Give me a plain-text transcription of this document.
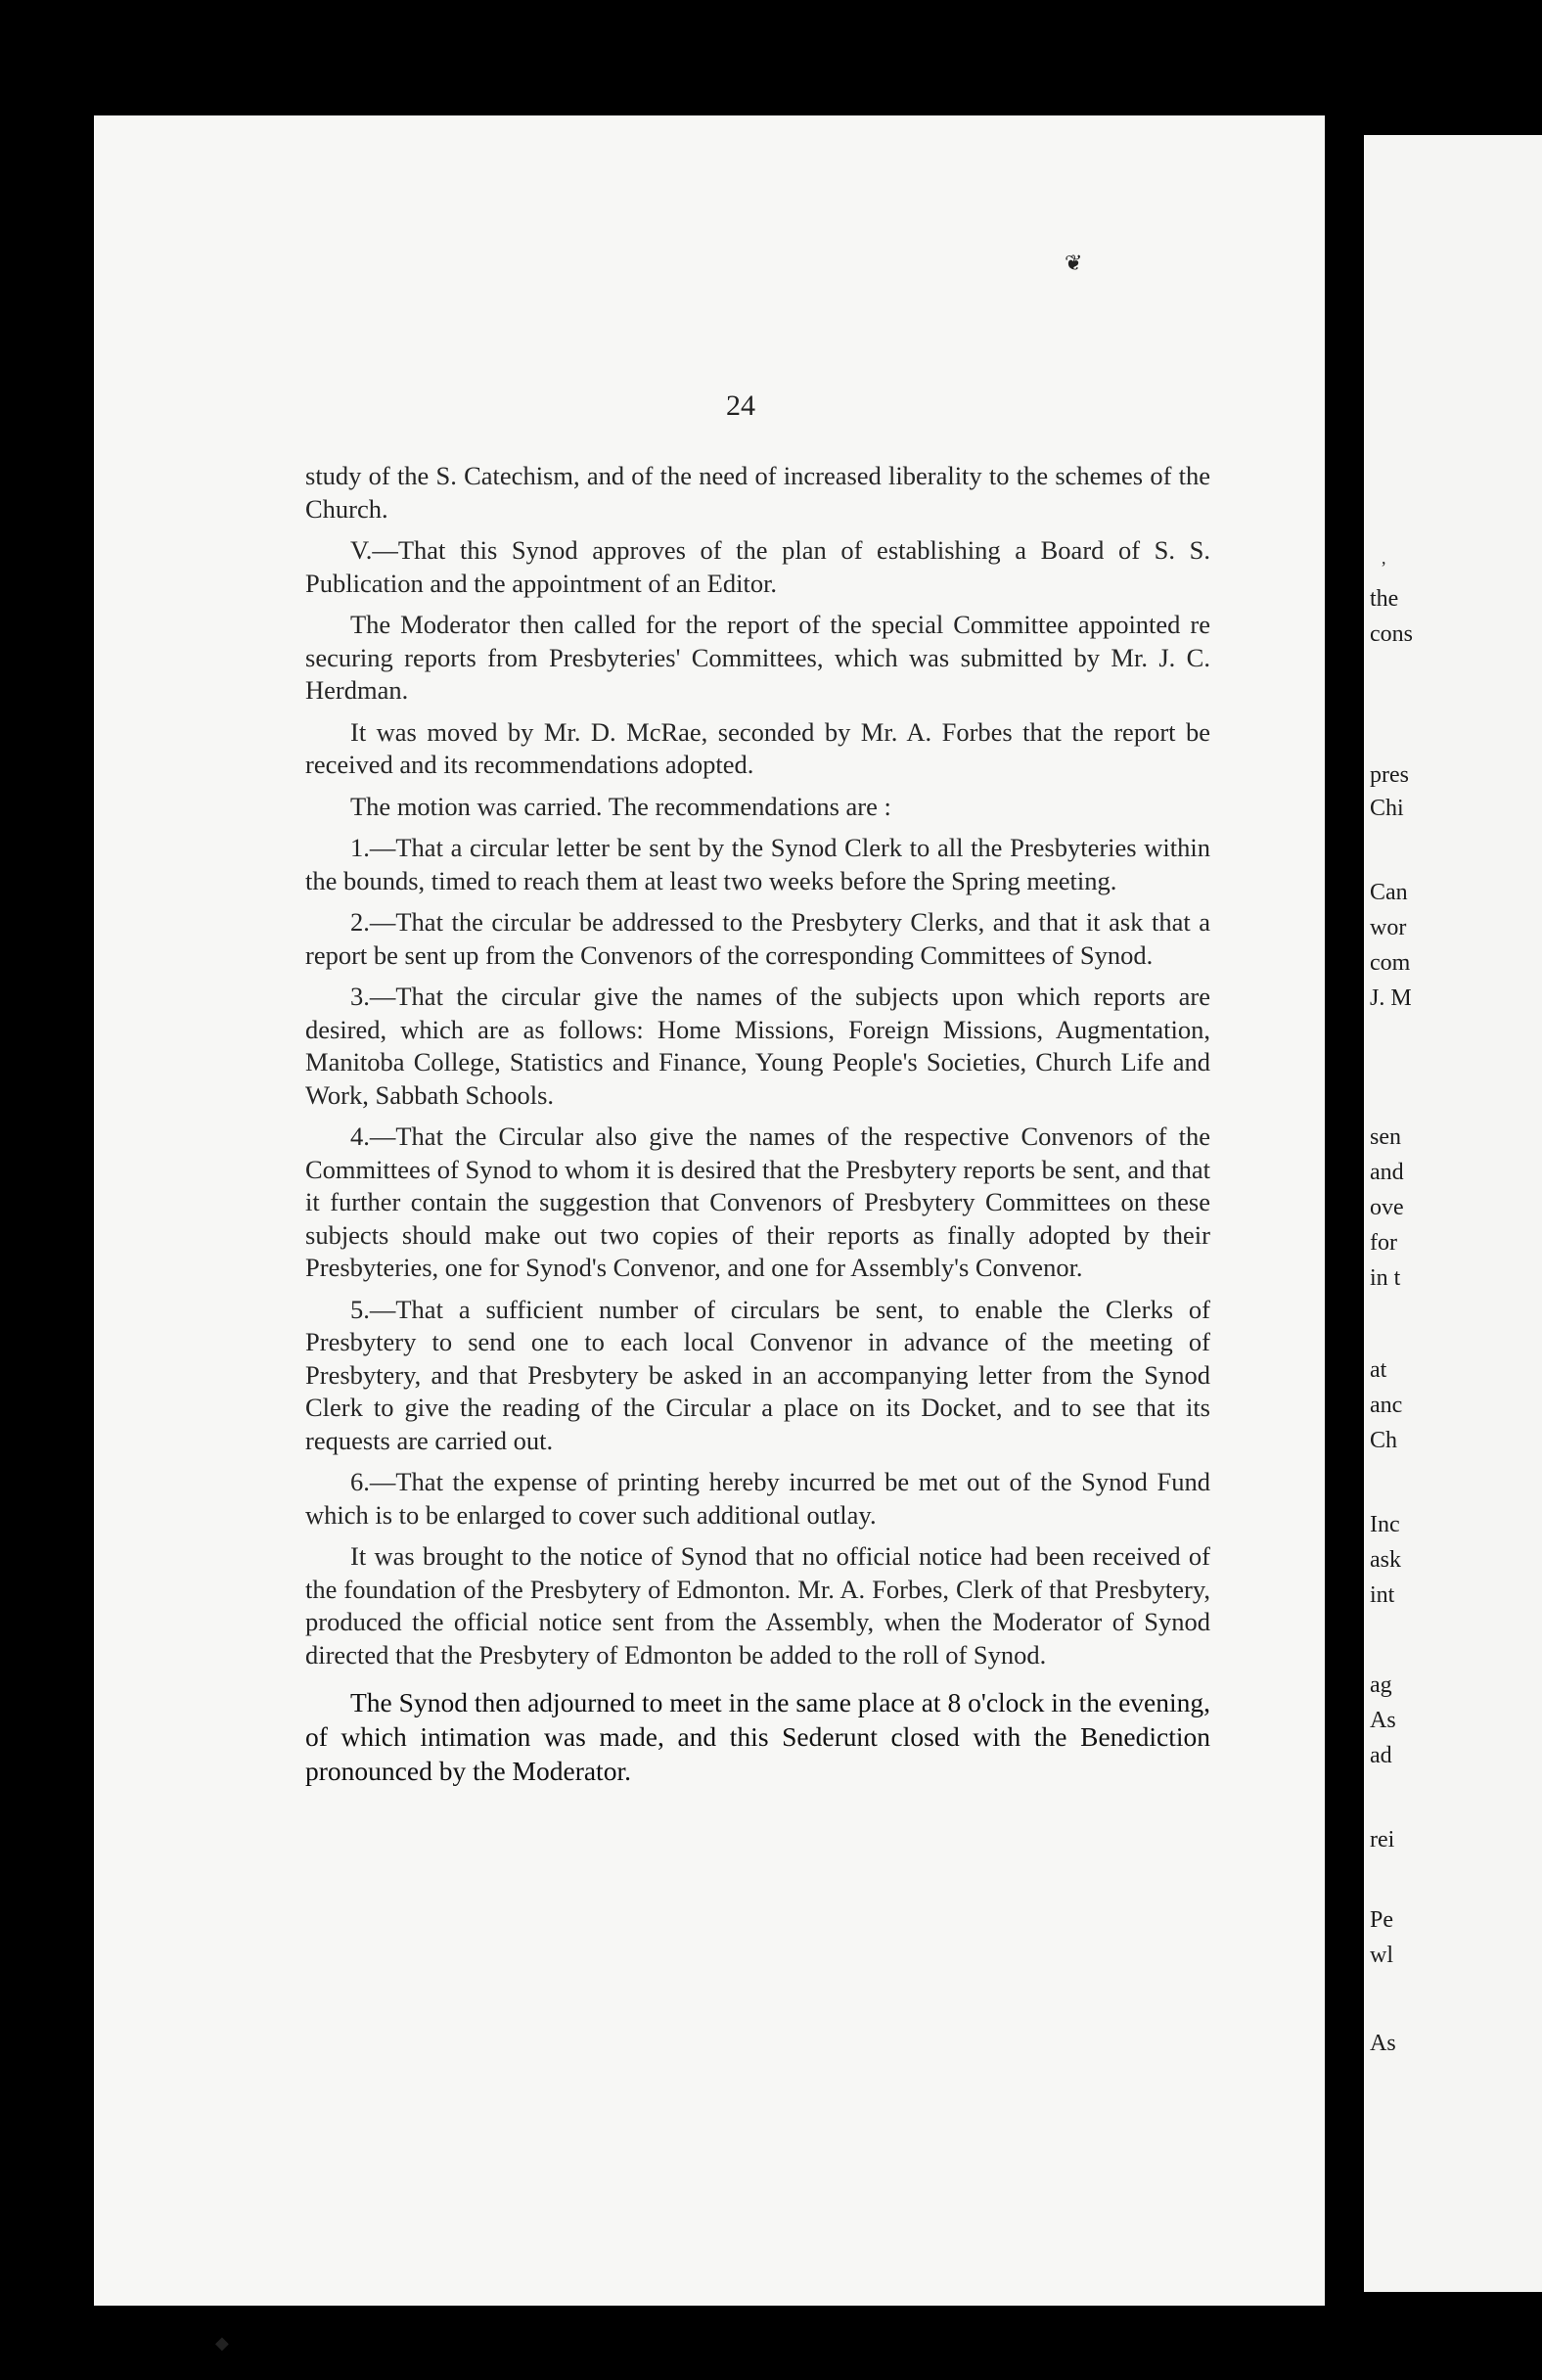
❦
,
◆
24

study of the S. Catechism, and of the need of increased liberality to the schemes of the Church.

V.—That this Synod approves of the plan of establishing a Board of S. S. Publication and the appointment of an Editor.

The Moderator then called for the report of the special Committee appointed re securing reports from Presbyteries' Committees, which was submitted by Mr. J. C. Herdman.

It was moved by Mr. D. McRae, seconded by Mr. A. Forbes that the report be received and its recommendations adopted.

The motion was carried. The recommendations are :

1.—That a circular letter be sent by the Synod Clerk to all the Presbyteries within the bounds, timed to reach them at least two weeks before the Spring meeting.

2.—That the circular be addressed to the Presbytery Clerks, and that it ask that a report be sent up from the Convenors of the corresponding Committees of Synod.

3.—That the circular give the names of the subjects upon which reports are desired, which are as follows: Home Missions, Foreign Missions, Augmentation, Manitoba College, Statistics and Finance, Young People's Societies, Church Life and Work, Sabbath Schools.

4.—That the Circular also give the names of the respective Convenors of the Committees of Synod to whom it is desired that the Presbytery reports be sent, and that it further contain the suggestion that Convenors of Presbytery Committees on these subjects should make out two copies of their reports as finally adopted by their Presbyteries, one for Synod's Convenor, and one for Assembly's Convenor.

5.—That a sufficient number of circulars be sent, to enable the Clerks of Presbytery to send one to each local Convenor in advance of the meeting of Presbytery, and that Presbytery be asked in an accompanying letter from the Synod Clerk to give the reading of the Circular a place on its Docket, and to see that its requests are carried out.

6.—That the expense of printing hereby incurred be met out of the Synod Fund which is to be enlarged to cover such additional outlay.

It was brought to the notice of Synod that no official notice had been received of the foundation of the Presbytery of Edmonton. Mr. A. Forbes, Clerk of that Presbytery, produced the official notice sent from the Assembly, when the Moderator of Synod directed that the Presbytery of Edmonton be added to the roll of Synod.

The Synod then adjourned to meet in the same place at 8 o'clock in the evening, of which intimation was made, and this Sederunt closed with the Benediction pronounced by the Moderator.

the
cons
pres
Chi
Can
wor
com
J. M
sen
and
ove
for
in t
at
anc
Ch
Inc
ask
int
ag
As
ad
rei
Pe
wl
As
